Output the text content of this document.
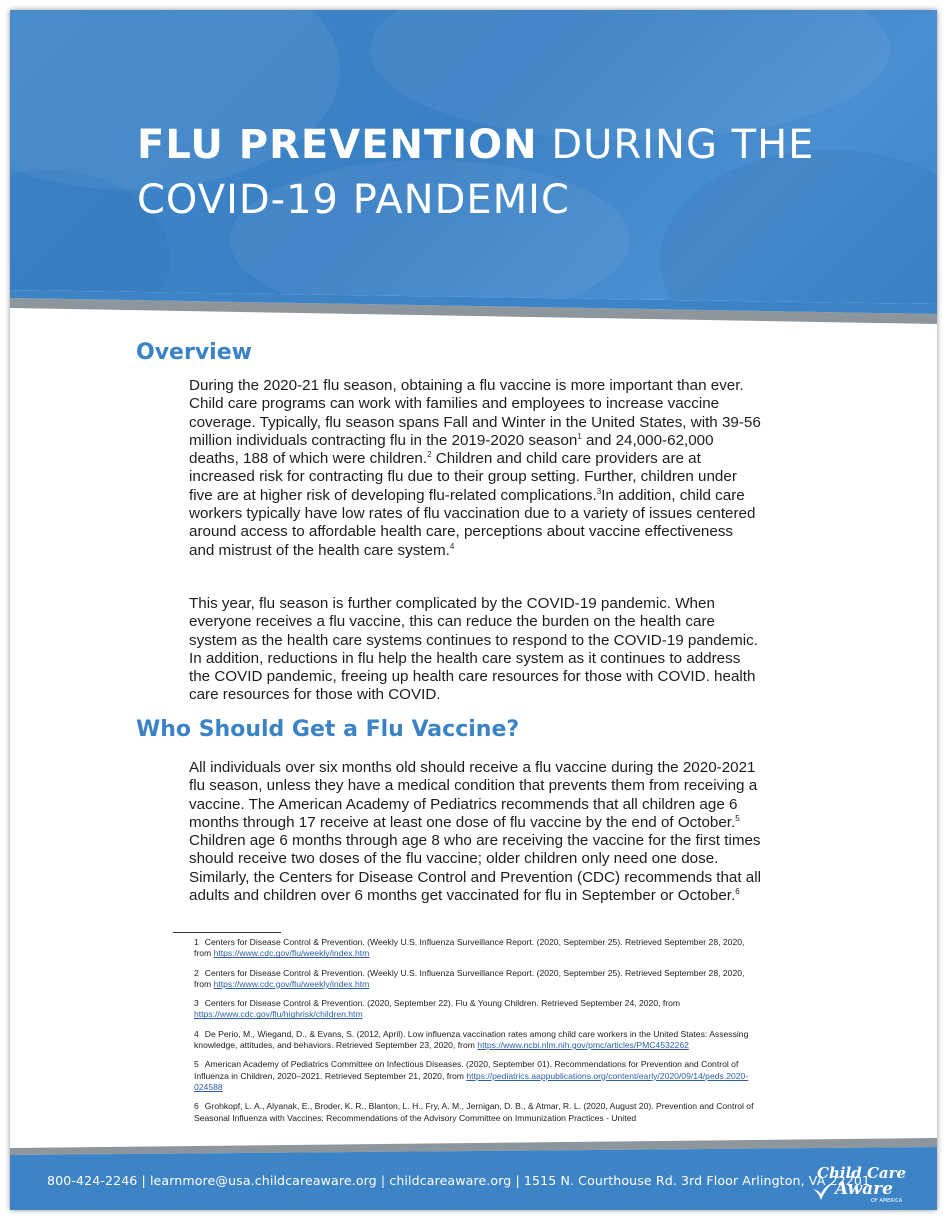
FLU PREVENTION DURING THE
COVID-19 PANDEMIC
Overview

During the 2020-21 flu season, obtaining a flu vaccine is more important than ever. Child care programs can work with families and employees to increase vaccine coverage. Typically, flu season spans Fall and Winter in the United States, with 39-56 million individuals contracting flu in the 2019-2020 season$^1$ and 24,000-62,000 deaths, 188 of which were children.$^2$ Children and child care providers are at increased risk for contracting flu due to their group setting. Further, children under five are at higher risk of developing flu-related complications.$^3$In addition, child care workers typically have low rates of flu vaccination due to a variety of issues centered around access to affordable health care, perceptions about vaccine effectiveness and mistrust of the health care system.$^4$

This year, flu season is further complicated by the COVID-19 pandemic. When everyone receives a flu vaccine, this can reduce the burden on the health care system as the health care systems continues to respond to the COVID-19 pandemic. In addition, reductions in flu help the health care system as it continues to address the COVID pandemic, freeing up health care resources for those with COVID. health care resources for those with COVID.

Who Should Get a Flu Vaccine?

All individuals over six months old should receive a flu vaccine during the 2020-2021 flu season, unless they have a medical condition that prevents them from receiving a vaccine. The American Academy of Pediatrics recommends that all children age 6 months through 17 receive at least one dose of flu vaccine by the end of October.$^5$ Children age 6 months through age 8 who are receiving the vaccine for the first times should receive two doses of the flu vaccine; older children only need one dose. Similarly, the Centers for Disease Control and Prevention (CDC) recommends that all adults and children over 6 months get vaccinated for flu in September or October.$^6$

1 Centers for Disease Control & Prevention. (Weekly U.S. Influenza Surveillance Report. (2020, September 25). Retrieved September 28, 2020, from https://www.cdc.gov/flu/weekly/index.htm

2 Centers for Disease Control & Prevention. (Weekly U.S. Influenza Surveillance Report. (2020, September 25). Retrieved September 28, 2020, from https://www.cdc.gov/flu/weekly/index.htm

3 Centers for Disease Control & Prevention. (2020, September 22). Flu & Young Children. Retrieved September 24, 2020, from https://www.cdc.gov/flu/highrisk/children.htm

4 De Perio, M., Wiegand, D., & Evans, S. (2012, April). Low influenza vaccination rates among child care workers in the United States: Assessing knowledge, attitudes, and behaviors. Retrieved September 23, 2020, from https://www.ncbi.nlm.nih.gov/pmc/articles/PMC4532262

5 American Academy of Pediatrics Committee on Infectious Diseases. (2020, September 01). Recommendations for Prevention and Control of Influenza in Children, 2020–2021. Retrieved September 21, 2020, from https://pediatrics.aappublications.org/content/early/2020/09/14/peds.2020-024588

6 Grohkopf, L. A., Alyanak, E., Broder, K. R., Blanton, L. H., Fry, A. M., Jernigan, D. B., & Atmar, R. L. (2020, August 20). Prevention and Control of Seasonal Influenza with Vaccines: Recommendations of the Advisory Committee on Immunization Practices - United

800-424-2246 | learnmore@usa.childcareaware.org | childcareaware.org | 1515 N. Courthouse Rd. 3rd Floor Arlington, VA 22201
Child Care
Aware
OF AMERICA
